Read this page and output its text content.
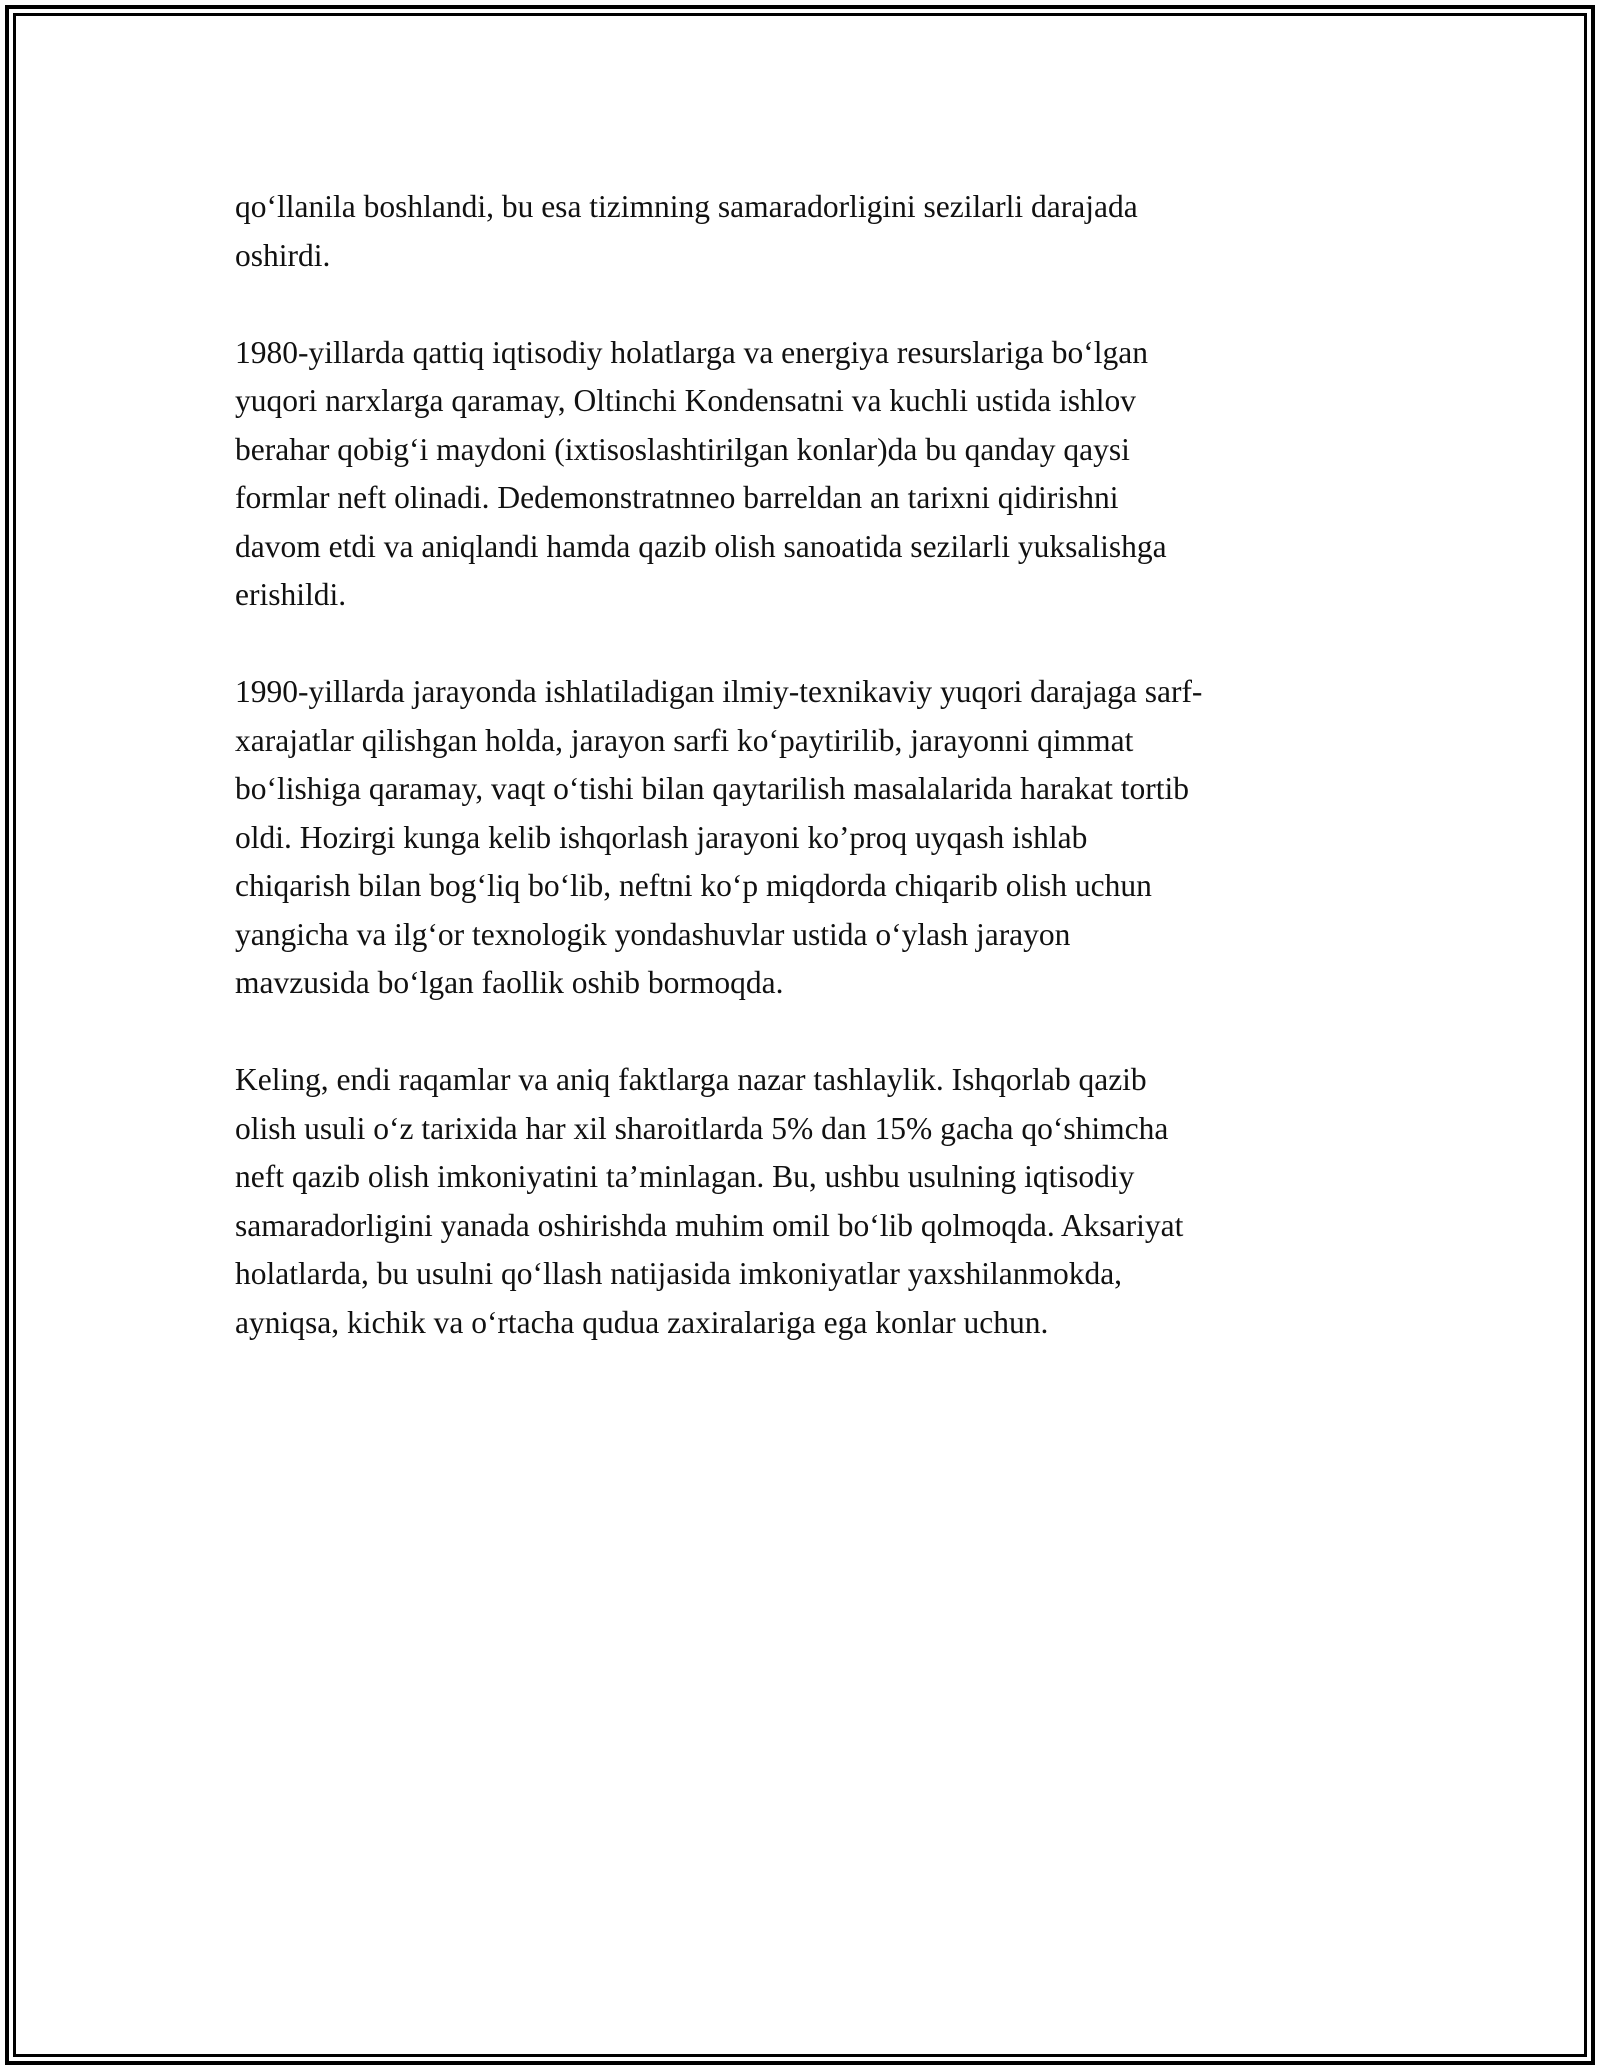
qo‘llanila boshlandi, bu esa tizimning samaradorligini sezilarli darajada
oshirdi.

1980-yillarda qattiq iqtisodiy holatlarga va energiya resurslariga bo‘lgan
yuqori narxlarga qaramay, Oltinchi Kondensatni va kuchli ustida ishlov
berahar qobig‘i maydoni (ixtisoslashtirilgan konlar)da bu qanday qaysi
formlar neft olinadi. Dedemonstratnneo barreldan an tarixni qidirishni
davom etdi va aniqlandi hamda qazib olish sanoatida sezilarli yuksalishga
erishildi.

1990-yillarda jarayonda ishlatiladigan ilmiy-texnikaviy yuqori darajaga sarf-
xarajatlar qilishgan holda, jarayon sarfi ko‘paytirilib, jarayonni qimmat
bo‘lishiga qaramay, vaqt o‘tishi bilan qaytarilish masalalarida harakat tortib
oldi. Hozirgi kunga kelib ishqorlash jarayoni ko’proq uyqash ishlab
chiqarish bilan bog‘liq bo‘lib, neftni ko‘p miqdorda chiqarib olish uchun
yangicha va ilg‘or texnologik yondashuvlar ustida o‘ylash jarayon
mavzusida bo‘lgan faollik oshib bormoqda.

Keling, endi raqamlar va aniq faktlarga nazar tashlaylik. Ishqorlab qazib
olish usuli o‘z tarixida har xil sharoitlarda 5% dan 15% gacha qo‘shimcha
neft qazib olish imkoniyatini ta’minlagan. Bu, ushbu usulning iqtisodiy
samaradorligini yanada oshirishda muhim omil bo‘lib qolmoqda. Aksariyat
holatlarda, bu usulni qo‘llash natijasida imkoniyatlar yaxshilanmokda,
ayniqsa, kichik va o‘rtacha qudua zaxiralariga ega konlar uchun.
